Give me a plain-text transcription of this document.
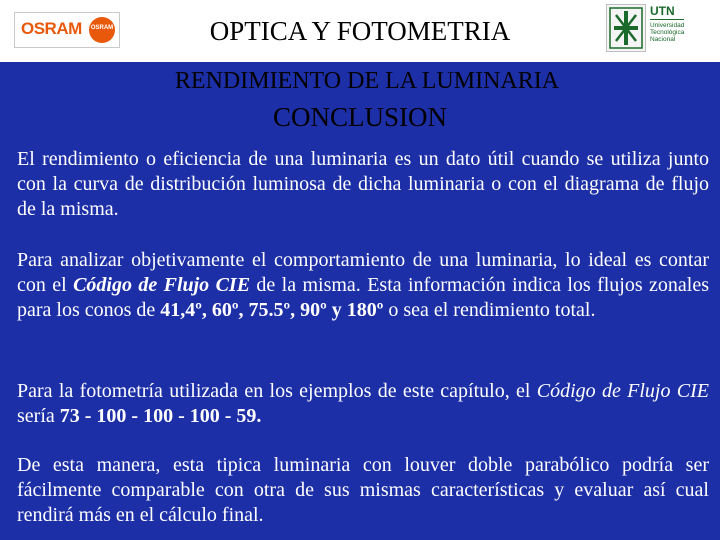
OSRAM	OSRAM	OPTICA Y FOTOMETRIA
UTN
Universidad
Tecnológica
Nacional
RENDIMIENTO DE LA LUMINARIA
CONCLUSION

El rendimiento o eficiencia de una luminaria es un dato útil cuando se utiliza junto con la curva de distribución luminosa de dicha luminaria o con el diagrama de flujo de la misma.

Para analizar objetivamente el comportamiento de una luminaria, lo ideal es contar con el Código de Flujo CIE de la misma. Esta información indica los flujos zonales para los conos de 41,4º, 60º, 75.5º, 90º y 180º o sea el rendimiento total.

Para la fotometría utilizada en los ejemplos de este capítulo, el Código de Flujo CIE sería 73 - 100 - 100 - 100 - 59.

De esta manera, esta tipica luminaria con louver doble parabólico podría ser fácilmente comparable con otra de sus mismas características y evaluar así cual rendirá más en el cálculo final.
